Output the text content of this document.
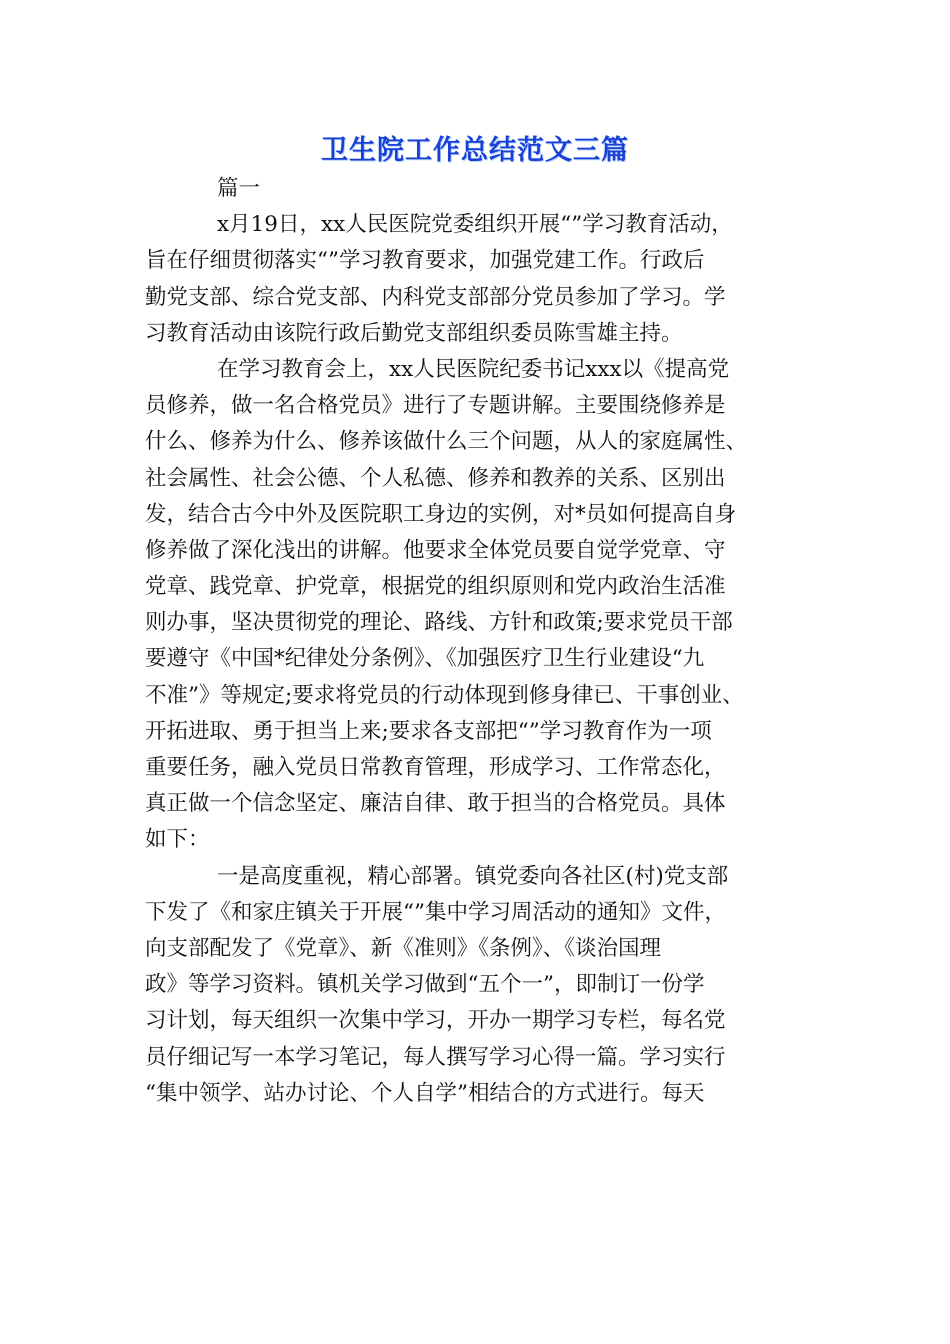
卫生院工作总结范文三篇
篇一
x月19日，xx人民医院党委组织开展“”学习教育活动，
旨在仔细贯彻落实“”学习教育要求，加强党建工作。行政后
勤党支部、综合党支部、内科党支部部分党员参加了学习。学
习教育活动由该院行政后勤党支部组织委员陈雪雄主持。
在学习教育会上，xx人民医院纪委书记xxx以《提高党
员修养，做一名合格党员》进行了专题讲解。主要围绕修养是
什么、修养为什么、修养该做什么三个问题，从人的家庭属性、
社会属性、社会公德、个人私德、修养和教养的关系、区别出
发，结合古今中外及医院职工身边的实例，对*员如何提高自身
修养做了深化浅出的讲解。他要求全体党员要自觉学党章、守
党章、践党章、护党章，根据党的组织原则和党内政治生活准
则办事，坚决贯彻党的理论、路线、方针和政策;要求党员干部
要遵守《中国*纪律处分条例》、《加强医疗卫生行业建设“九
不准”》等规定;要求将党员的行动体现到修身律已、干事创业、
开拓进取、勇于担当上来;要求各支部把“”学习教育作为一项
重要任务，融入党员日常教育管理，形成学习、工作常态化，
真正做一个信念坚定、廉洁自律、敢于担当的合格党员。具体
如下：
一是高度重视，精心部署。镇党委向各社区(村)党支部
下发了《和家庄镇关于开展“”集中学习周活动的通知》文件，
向支部配发了《党章》、新《准则》《条例》、《谈治国理
政》等学习资料。镇机关学习做到“五个一”，即制订一份学
习计划，每天组织一次集中学习，开办一期学习专栏，每名党
员仔细记写一本学习笔记，每人撰写学习心得一篇。学习实行
“集中领学、站办讨论、个人自学”相结合的方式进行。每天
